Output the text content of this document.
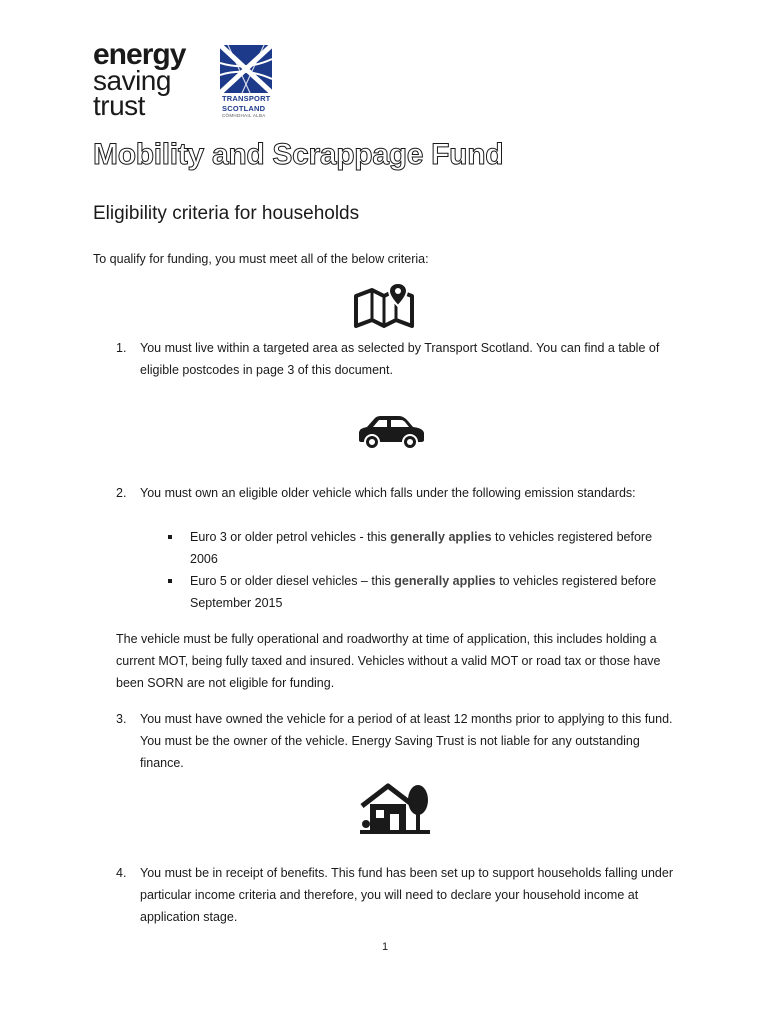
energy
saving
trust	TRANSPORT
SCOTLAND
CÒMHDHAIL ALBA
Mobility and Scrappage Fund
Eligibility criteria for households
To qualify for funding, you must meet all of the below criteria:
1.	You must live within a targeted area as selected by Transport Scotland. You can find a table of eligible postcodes in page 3 of this document.
2.	You must own an eligible older vehicle which falls under the following emission standards:
Euro 3 or older petrol vehicles - this generally applies to vehicles registered before 2006
Euro 5 or older diesel vehicles – this generally applies to vehicles registered before September 2015
The vehicle must be fully operational and roadworthy at time of application, this includes holding a current MOT, being fully taxed and insured. Vehicles without a valid MOT or road tax or those have been SORN are not eligible for funding.
3.	You must have owned the vehicle for a period of at least 12 months prior to applying to this fund. You must be the owner of the vehicle. Energy Saving Trust is not liable for any outstanding finance.
4.	You must be in receipt of benefits. This fund has been set up to support households falling under particular income criteria and therefore, you will need to declare your household income at application stage.
1
